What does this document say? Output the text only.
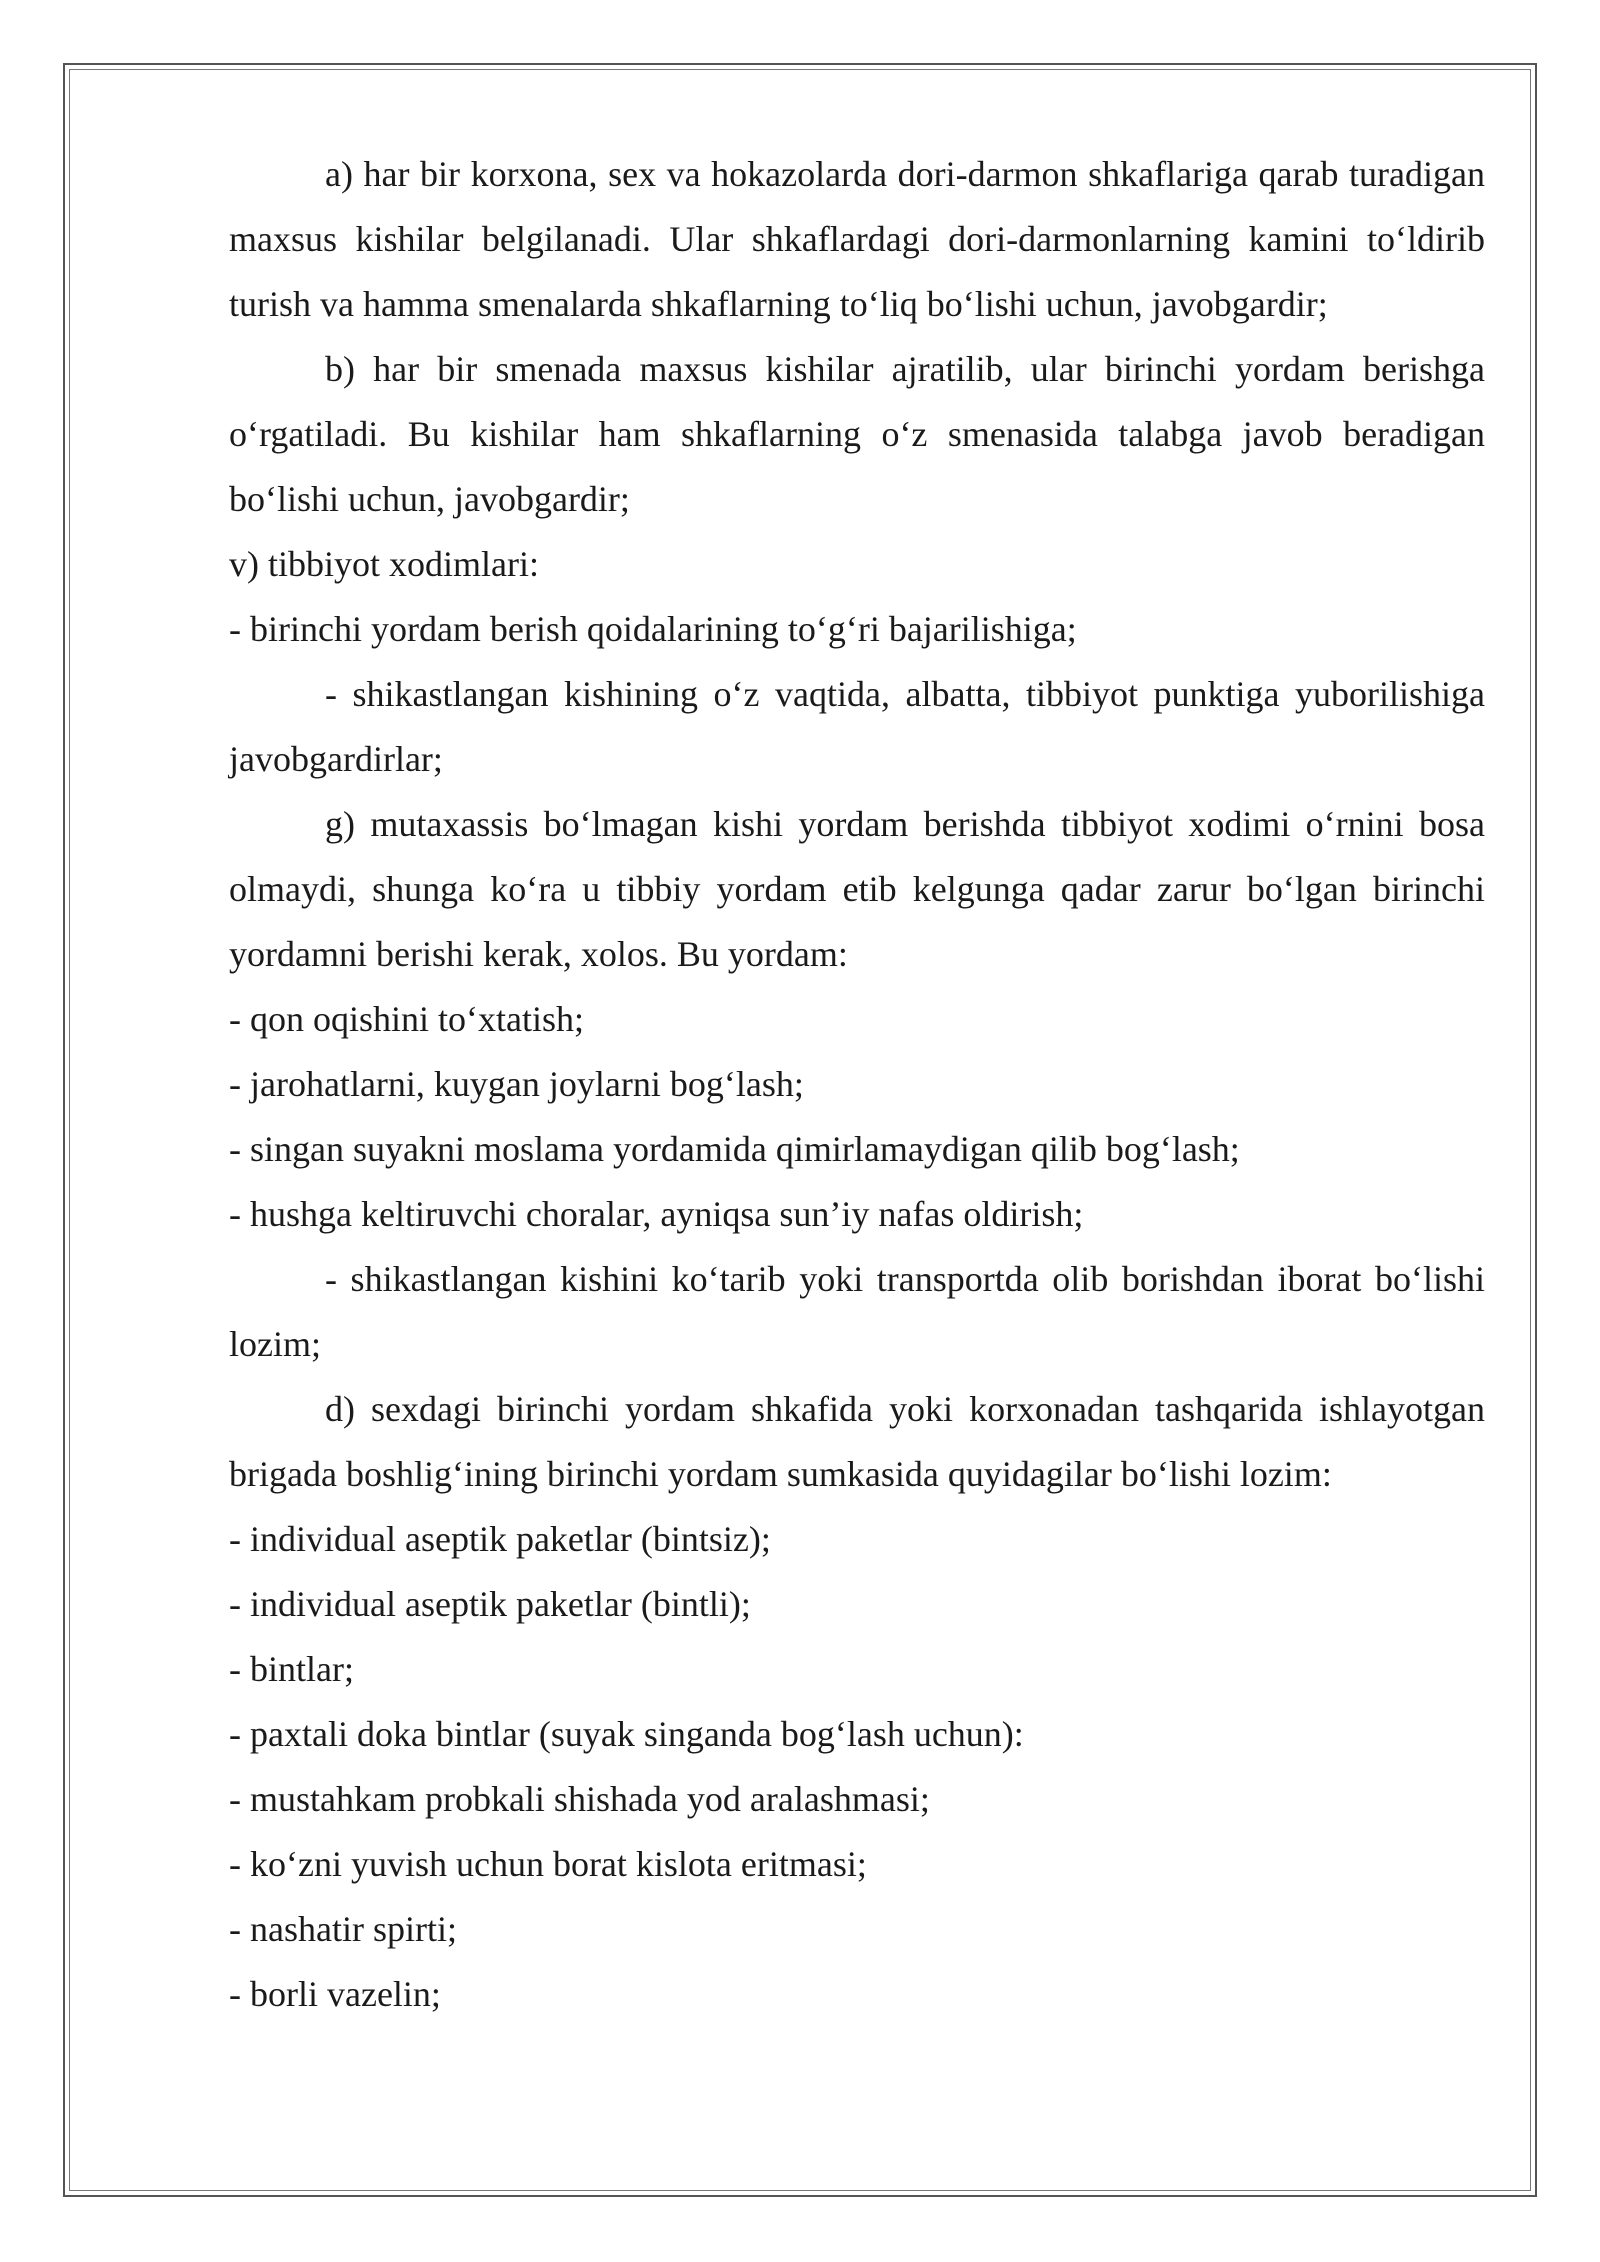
a) har bir korxona, sex va hokazolarda dori-darmon shkaflariga qarab turadigan maxsus kishilar belgilanadi. Ular shkaflardagi dori-darmonlarning kamini to‘ldirib turish va hamma smenalarda shkaflarning to‘liq bo‘lishi uchun, javobgardir;

b) har bir smenada maxsus kishilar ajratilib, ular birinchi yordam berishga o‘rgatiladi. Bu kishilar ham shkaflarning o‘z smenasida talabga javob beradigan bo‘lishi uchun, javobgardir;

v) tibbiyot xodimlari:

- birinchi yordam berish qoidalarining to‘g‘ri bajarilishiga;

- shikastlangan kishining o‘z vaqtida, albatta, tibbiyot punktiga yuborilishiga javobgardirlar;

g) mutaxassis bo‘lmagan kishi yordam berishda tibbiyot xodimi o‘rnini bosa olmaydi, shunga ko‘ra u tibbiy yordam etib kelgunga qadar zarur bo‘lgan birinchi yordamni berishi kerak, xolos. Bu yordam:

- qon oqishini to‘xtatish;

- jarohatlarni, kuygan joylarni bog‘lash;

- singan suyakni moslama yordamida qimirlamaydigan qilib bog‘lash;

- hushga keltiruvchi choralar, ayniqsa sun’iy nafas oldirish;

- shikastlangan kishini ko‘tarib yoki transportda olib borishdan iborat bo‘lishi lozim;

d) sexdagi birinchi yordam shkafida yoki korxonadan tashqarida ishlayotgan brigada boshlig‘ining birinchi yordam sumkasida quyidagilar bo‘lishi lozim:

- individual aseptik paketlar (bintsiz);

- individual aseptik paketlar (bintli);

- bintlar;

- paxtali doka bintlar (suyak singanda bog‘lash uchun):

- mustahkam probkali shishada yod aralashmasi;

- ko‘zni yuvish uchun borat kislota eritmasi;

- nashatir spirti;

- borli vazelin;
